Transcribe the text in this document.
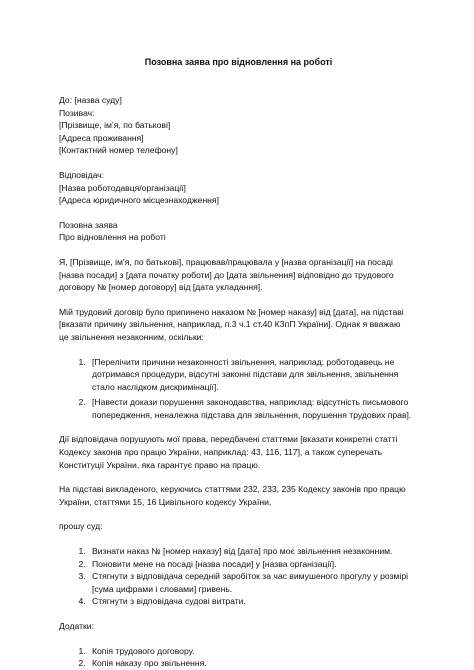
Позовна заява про відновлення на роботі
До: [назва суду]
Позивач:
[Прізвище, ім’я, по батькові]
[Адреса проживання]
[Контактний номер телефону]
Відповідач:
[Назва роботодавця/організації]
[Адреса юридичного місцезнаходження]
Позовна заява
Про відновлення на роботі
Я, [Прізвище, ім’я, по батькові], працював/працювала у [назва організації] на посаді
[назва посади] з [дата початку роботи] до [дата звільнення] відповідно до трудового
договору № [номер договору] від [дата укладання].
Мій трудовий договір було припинено наказом № [номер наказу] від [дата], на підставі
[вказати причину звільнення, наприклад, п.3 ч.1 ст.40 КЗпП України]. Однак я вважаю
це звільнення незаконним, оскільки:
1. [Перелічити причини незаконності звільнення, наприклад: роботодавець не
дотримався процедури, відсутні законні підстави для звільнення, звільнення
стало наслідком дискримінації].
2. [Навести докази порушення законодавства, наприклад: відсутність письмового
попередження, неналежна підстава для звільнення, порушення трудових прав].
Дії відповідача порушують мої права, передбачені статтями [вказати конкретні статті
Кодексу законів про працю України, наприклад: 43, 116, 117], а також суперечать
Конституції України, яка гарантує право на працю.
На підставі викладеного, керуючись статтями 232, 233, 235 Кодексу законів про працю
України, статтями 15, 16 Цивільного кодексу України,
прошу суд:
1. Визнати наказ № [номер наказу] від [дата] про моє звільнення незаконним.
2. Поновити мене на посаді [назва посади] у [назва організації].
3. Стягнути з відповідача середній заробіток за час вимушеного прогулу у розмірі
[сума цифрами і словами] гривень.
4. Стягнути з відповідача судові витрати.
Додатки:
1. Копія трудового договору.
2. Копія наказу про звільнення.
